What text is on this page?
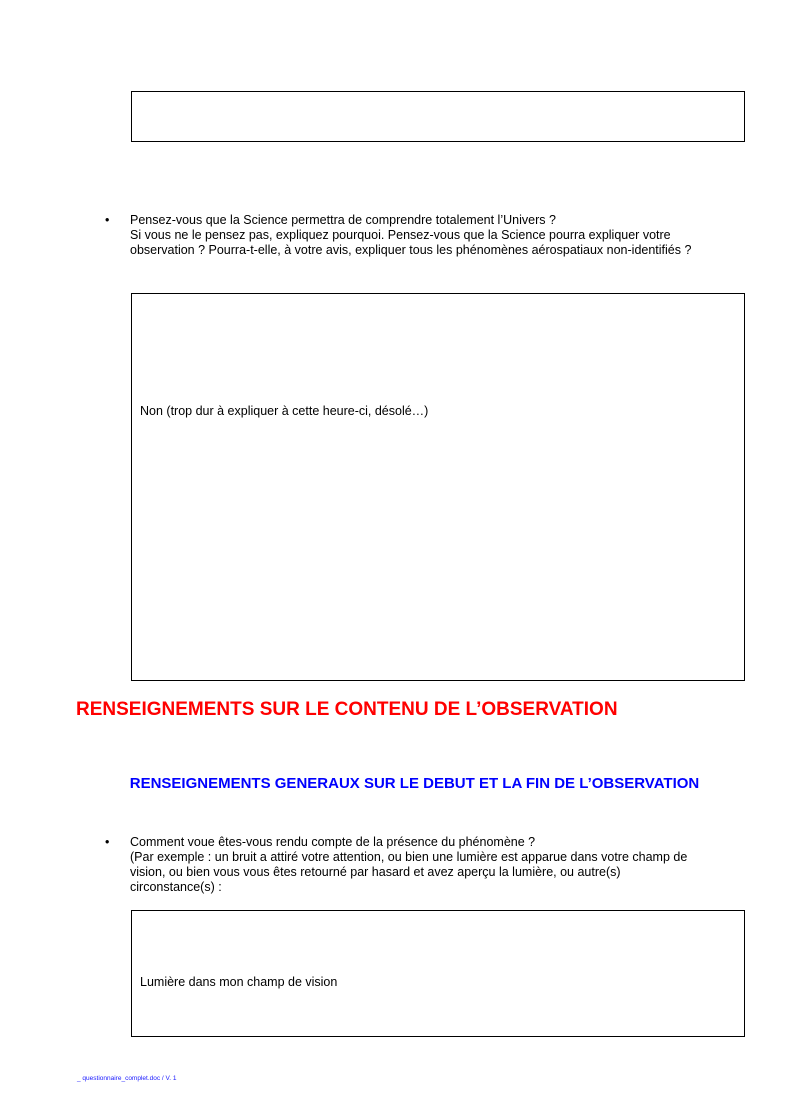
• Pensez-vous que la Science permettra de comprendre totalement l’Univers ?
Si vous ne le pensez pas, expliquez pourquoi. Pensez-vous que la Science pourra expliquer votre
observation ? Pourra-t-elle, à votre avis, expliquer tous les phénomènes aérospatiaux non-identifiés ?
Non (trop dur à expliquer à cette heure-ci, désolé…)
RENSEIGNEMENTS SUR LE CONTENU DE L’OBSERVATION
RENSEIGNEMENTS GENERAUX SUR LE DEBUT ET LA FIN DE L’OBSERVATION
• Comment voue êtes-vous rendu compte de la présence du phénomène ?
(Par exemple : un bruit a attiré votre attention, ou bien une lumière est apparue dans votre champ de
vision, ou bien vous vous êtes retourné par hasard et avez aperçu la lumière, ou autre(s)
circonstance(s) :
Lumière dans mon champ de vision
_ questionnaire_complet.doc / V. 1
